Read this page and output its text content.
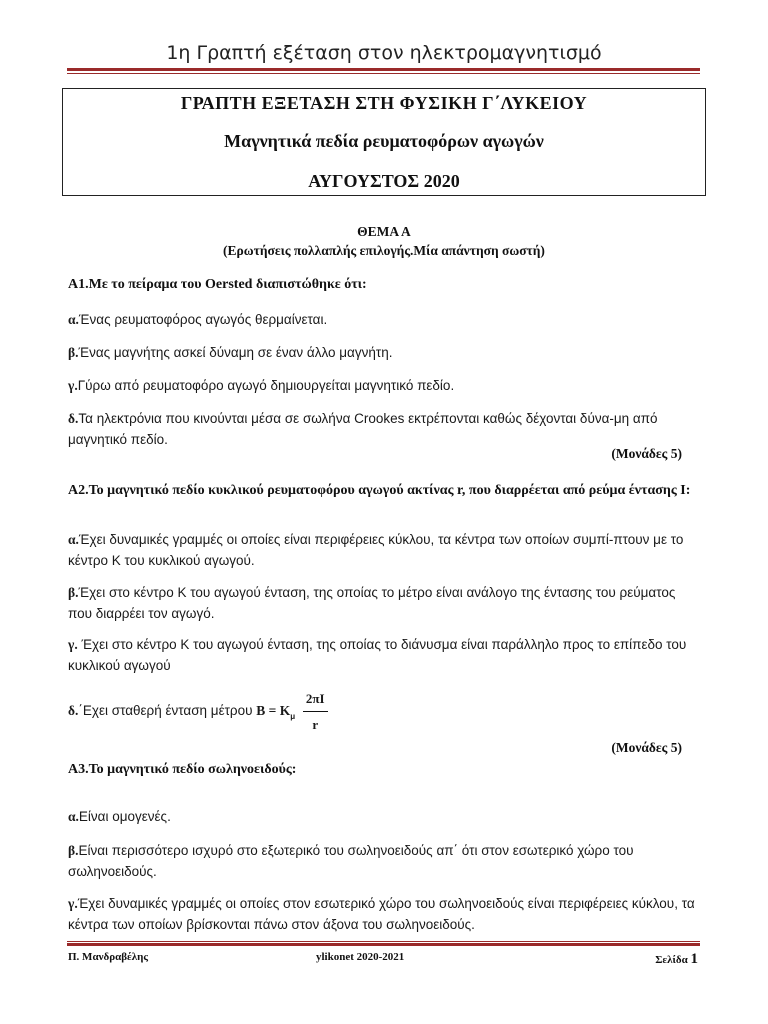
1η Γραπτή εξέταση στον ηλεκτρομαγνητισμό
ΓΡΑΠΤΗ ΕΞΕΤΑΣΗ ΣΤΗ ΦΥΣΙΚΗ Γ΄ΛΥΚΕΙΟΥ
Μαγνητικά πεδία ρευματοφόρων αγωγών
ΑΥΓΟΥΣΤΟΣ 2020
ΘΕΜΑ Α
(Ερωτήσεις πολλαπλής επιλογής.Μία απάντηση σωστή)
Α1.Με το πείραμα του Oersted διαπιστώθηκε ότι:
α.Ένας ρευματοφόρος αγωγός θερμαίνεται.
β.Ένας μαγνήτης ασκεί δύναμη σε έναν άλλο μαγνήτη.
γ.Γύρω από ρευματοφόρο αγωγό δημιουργείται μαγνητικό πεδίο.
δ.Τα ηλεκτρόνια που κινούνται μέσα σε σωλήνα Crookes εκτρέπονται καθώς δέχονται δύνα-μη από μαγνητικό πεδίο.
(Μονάδες 5)
Α2.Το μαγνητικό πεδίο κυκλικού ρευματοφόρου αγωγού ακτίνας r, που διαρρέεται από ρεύμα έντασης Ι:
α.Έχει δυναμικές γραμμές οι οποίες είναι περιφέρειες κύκλου, τα κέντρα των οποίων συμπί-πτουν με το κέντρο Κ του κυκλικού αγωγού.
β.Έχει στο κέντρο Κ του αγωγού ένταση, της οποίας το μέτρο είναι ανάλογο της έντασης του ρεύματος που διαρρέει τον αγωγό.
γ. Έχει στο κέντρο Κ του αγωγού ένταση, της οποίας το διάνυσμα είναι παράλληλο προς το επίπεδο του κυκλικού αγωγού
δ.΄Εχει σταθερή ένταση μέτρου $B = K_\mu \frac{2\pi I}{r}$
(Μονάδες 5)
Α3.Το μαγνητικό πεδίο σωληνοειδούς:
α.Είναι ομογενές.
β.Είναι περισσότερο ισχυρό στο εξωτερικό του σωληνοειδούς απ΄ ότι στον εσωτερικό χώρο του σωληνοειδούς.
γ.Έχει δυναμικές γραμμές οι οποίες στον εσωτερικό χώρο του σωληνοειδούς είναι περιφέρειες κύκλου, τα κέντρα των οποίων βρίσκονται πάνω στον άξονα του σωληνοειδούς.
Π. Μανδραβέλης	ylikonet 2020-2021	Σελίδα 1
